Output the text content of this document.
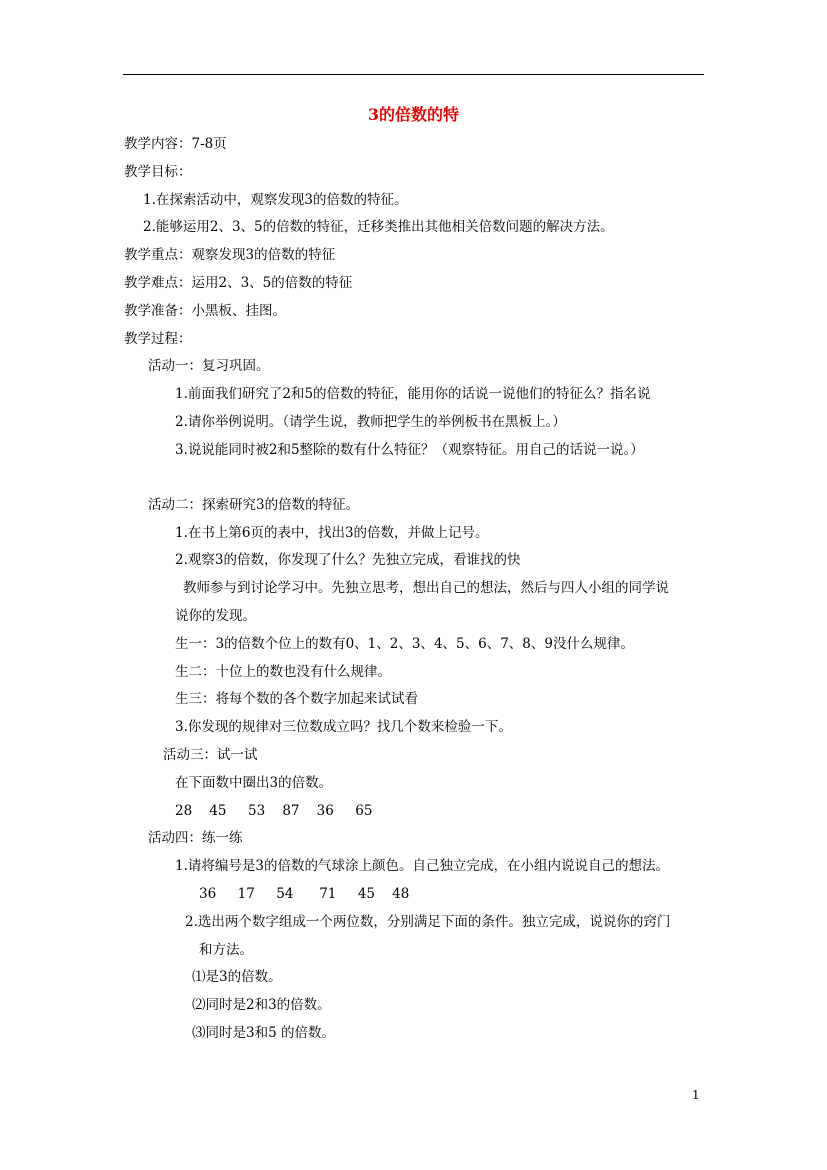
3的倍数的特
教学内容：7-8页
教学目标：
1.在探索活动中，观察发现3的倍数的特征。
2.能够运用2、3、5的倍数的特征，迁移类推出其他相关倍数问题的解决方法。
教学重点：观察发现3的倍数的特征
教学难点：运用2、3、5的倍数的特征
教学准备：小黑板、挂图。
教学过程：
活动一：复习巩固。
1.前面我们研究了2和5的倍数的特征，能用你的话说一说他们的特征么？指名说
2.请你举例说明。（请学生说，教师把学生的举例板书在黑板上。）
3.说说能同时被2和5整除的数有什么特征？（观察特征。用自己的话说一说。）
活动二：探索研究3的倍数的特征。
1.在书上第6页的表中，找出3的倍数，并做上记号。
2.观察3的倍数，你发现了什么？先独立完成，看谁找的快
教师参与到讨论学习中。先独立思考，想出自己的想法，然后与四人小组的同学说
说你的发现。
生一：3的倍数个位上的数有0、1、2、3、4、5、6、7、8、9没什么规律。
生二：十位上的数也没有什么规律。
生三：将每个数的各个数字加起来试试看
3.你发现的规律对三位数成立吗？找几个数来检验一下。
活动三：试一试
在下面数中圈出3的倍数。
28    45     53    87    36     65
活动四：练一练
1.请将编号是3的倍数的气球涂上颜色。自己独立完成，在小组内说说自己的想法。
36     17     54      71     45    48
2.选出两个数字组成一个两位数，分别满足下面的条件。独立完成，说说你的窍门
和方法。
⑴是3的倍数。
⑵同时是2和3的倍数。
⑶同时是3和5 的倍数。
1
